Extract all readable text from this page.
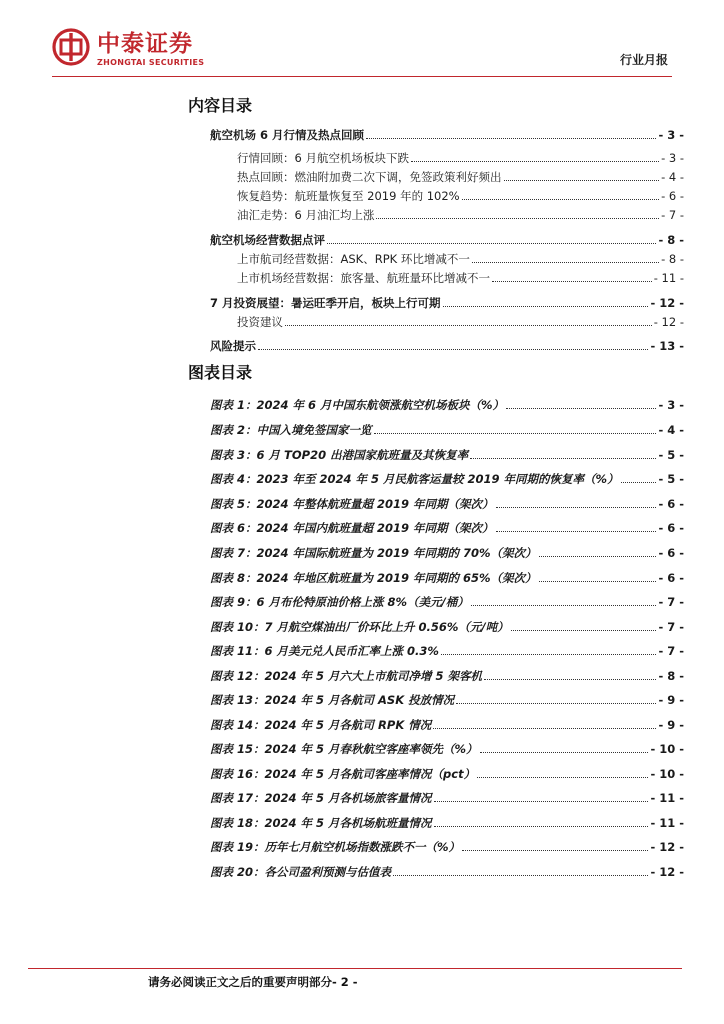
中泰证券
ZHONGTAI SECURITIES	行业月报
内容目录
航空机场 6 月行情及热点回顾	- 3 -
行情回顾：6 月航空机场板块下跌	- 3 -
热点回顾：燃油附加费二次下调，免签政策利好频出	- 4 -
恢复趋势：航班量恢复至 2019 年的 102%	- 6 -
油汇走势：6 月油汇均上涨	- 7 -
航空机场经营数据点评	- 8 -
上市航司经营数据：ASK、RPK 环比增减不一	- 8 -
上市机场经营数据：旅客量、航班量环比增减不一	- 11 -
7 月投资展望：暑运旺季开启，板块上行可期	- 12 -
投资建议	- 12 -
风险提示	- 13 -
图表目录
图表 1：2024 年 6 月中国东航领涨航空机场板块（%）	- 3 -
图表 2：中国入境免签国家一览	- 4 -
图表 3：6 月 TOP20 出港国家航班量及其恢复率	- 5 -
图表 4：2023 年至 2024 年 5 月民航客运量较 2019 年同期的恢复率（%）	- 5 -
图表 5：2024 年整体航班量超 2019 年同期（架次）	- 6 -
图表 6：2024 年国内航班量超 2019 年同期（架次）	- 6 -
图表 7：2024 年国际航班量为 2019 年同期的 70%（架次）	- 6 -
图表 8：2024 年地区航班量为 2019 年同期的 65%（架次）	- 6 -
图表 9：6 月布伦特原油价格上涨 8%（美元/桶）	- 7 -
图表 10：7 月航空煤油出厂价环比上升 0.56%（元/吨）	- 7 -
图表 11：6 月美元兑人民币汇率上涨 0.3%	- 7 -
图表 12：2024 年 5 月六大上市航司净增 5 架客机	- 8 -
图表 13：2024 年 5 月各航司 ASK 投放情况	- 9 -
图表 14：2024 年 5 月各航司 RPK 情况	- 9 -
图表 15：2024 年 5 月春秋航空客座率领先（%）	- 10 -
图表 16：2024 年 5 月各航司客座率情况（pct）	- 10 -
图表 17：2024 年 5 月各机场旅客量情况	- 11 -
图表 18：2024 年 5 月各机场航班量情况	- 11 -
图表 19：历年七月航空机场指数涨跌不一（%）	- 12 -
图表 20：各公司盈利预测与估值表	- 12 -
请务必阅读正文之后的重要声明部分- 2 -
